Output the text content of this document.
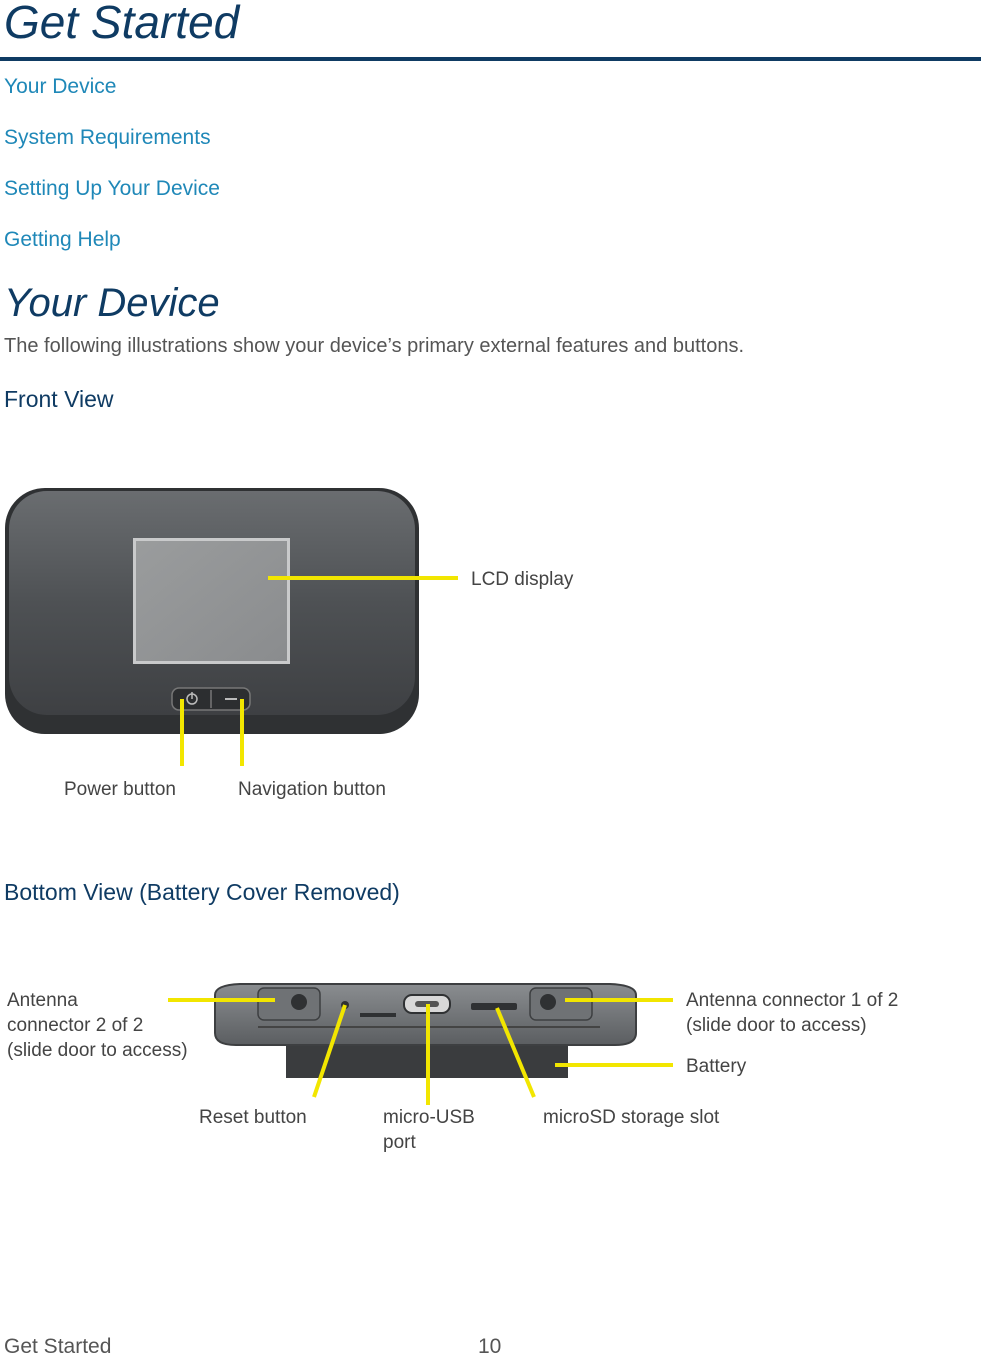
Get Started
Your Device
System Requirements
Setting Up Your Device
Getting Help
Your Device
The following illustrations show your device’s primary external features and buttons.
Front View
LCD display
Power button	Navigation button
Bottom View (Battery Cover Removed)
Antenna
connector 2 of 2
(slide door to access)
Antenna connector 1 of 2
(slide door to access)
Battery
Reset button	micro-USB
port
microSD storage slot
Get Started	10
